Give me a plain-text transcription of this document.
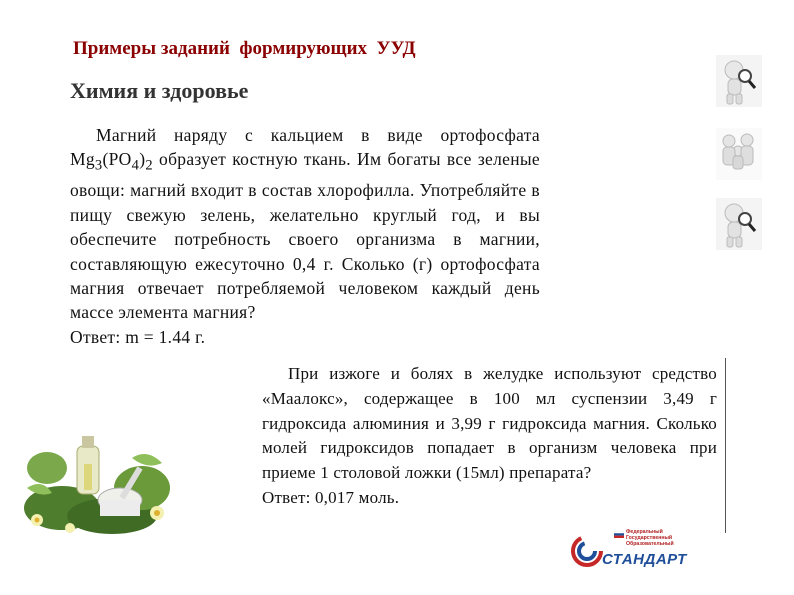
Примеры заданий  формирующих  УУД
Химия и здоровье

Магний наряду с кальцием в виде ортофосфата $Mg_3(PO_4)_2$ образует костную ткань. Им богаты все зеленые овощи: магний входит в состав хлорофилла. Употребляйте в пищу свежую зелень, желательно круглый год, и вы обеспечите потребность своего организма в магнии, составляющую ежесуточно 0,4 г. Сколько (г) ортофосфата магния отвечает потребляемой человеком каждый день массе элемента магния?

Ответ: m = 1.44 г.

При изжоге и болях в желудке используют средство «Маалокс», содержащее в 100 мл суспензии 3,49 г гидроксида алюминия и 3,99 г гидроксида магния. Сколько молей гидроксидов попадает в организм человека при приеме 1 столовой ложки (15мл) препарата?

Ответ: 0,017 моль.
Федеральный
Государственный
Образовательный
СТАНДАРТ
